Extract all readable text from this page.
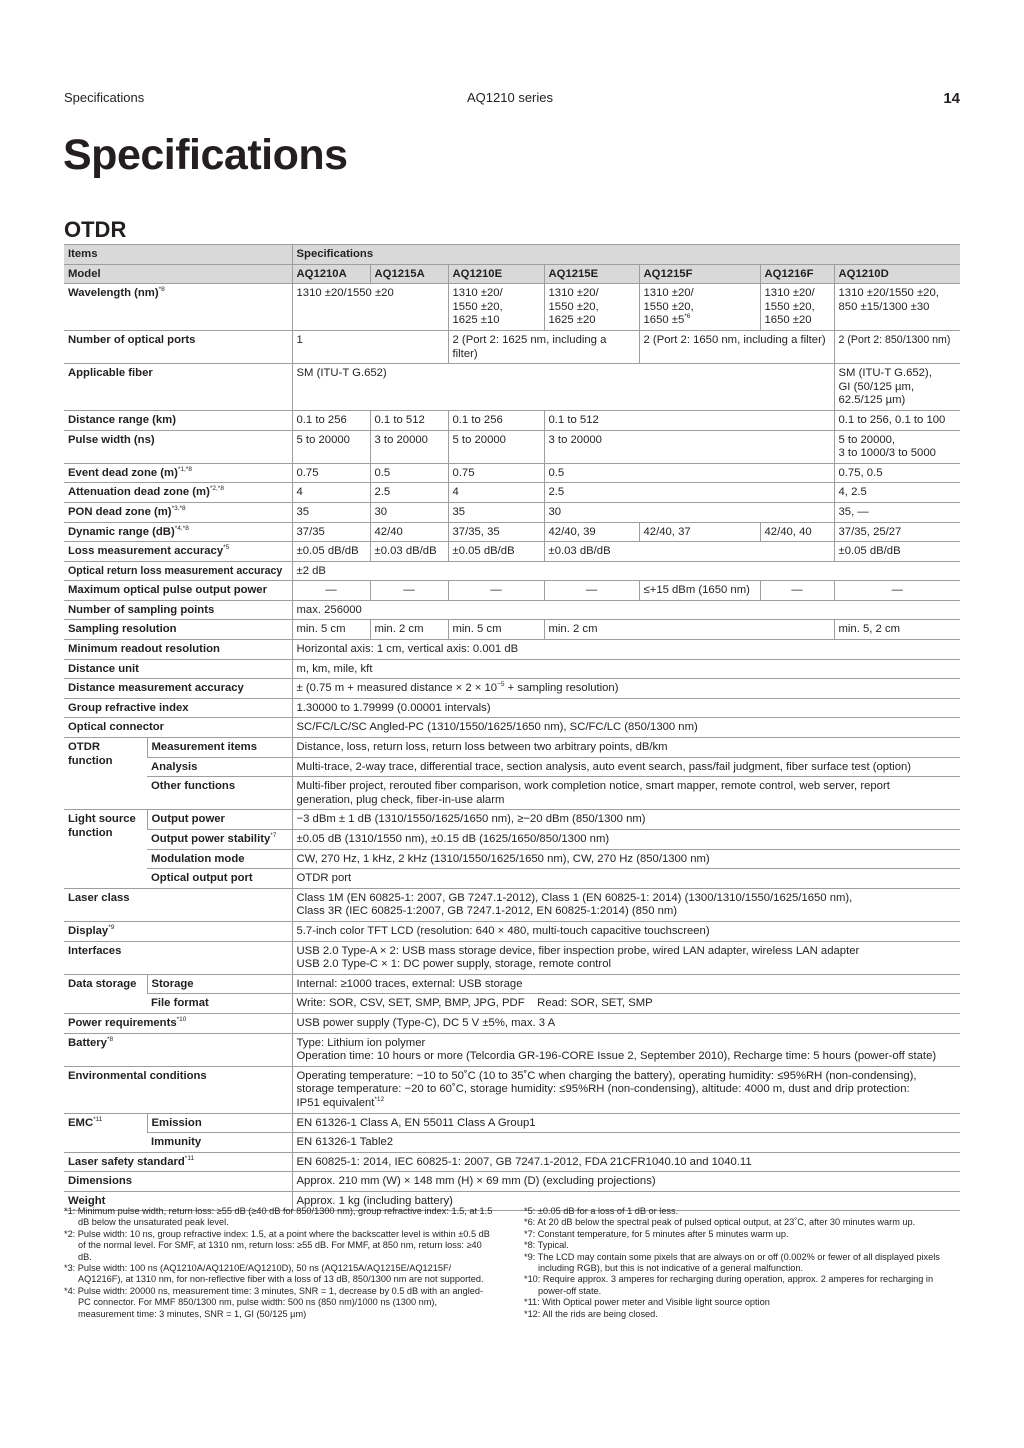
Specifications	AQ1210 series	14
Specifications
OTDR
Items		Specifications						
Model		AQ1210A	AQ1215A	AQ1210E	AQ1215E	AQ1215F	AQ1216F	AQ1210D
Wavelength (nm)$^{*8}$		1310 ±20/1550 ±20		1310 ±20/
1550 ±20,
1625 ±10	1310 ±20/
1550 ±20,
1625 ±20	1310 ±20/
1550 ±20,
$1650 \pm 5^{*6}$	1310 ±20/
1550 ±20,
1650 ±20	1310 ±20/1550 ±20,
850 ±15/1300 ±30
Number of optical ports		1		2 (Port 2: 1625 nm, including a filter)		2 (Port 2: 1650 nm, including a filter)		2 (Port 2: 850/1300 nm)
Applicable fiber		SM (ITU-T G.652)						SM (ITU-T G.652),
GI (50/125 µm,
62.5/125 µm)
Distance range (km)		0.1 to 256	0.1 to 512	0.1 to 256	0.1 to 512			0.1 to 256, 0.1 to 100
Pulse width (ns)		5 to 20000	3 to 20000	5 to 20000	3 to 20000			5 to 20000,
3 to 1000/3 to 5000
Event dead zone $(m)^{*1,*8}$		0.75	0.5	0.75	0.5			0.75, 0.5
Attenuation dead zone $(m)^{*2,*8}$		4	2.5	4	2.5			4, 2.5
PON dead zone $(m)^{*3,*8}$		35	30	35	30			35, —
Dynamic range (dB)$^{*4,*8}$		37/35	42/40	37/35, 35	42/40, 39	42/40, 37	42/40, 40	37/35, 25/27
Loss measurement accuracy$^{*5}$		±0.05 dB/dB	±0.03 dB/dB	±0.05 dB/dB	±0.03 dB/dB			±0.05 dB/dB
Optical return loss measurement accuracy		±2 dB						
Maximum optical pulse output power		—	—	—	—	≤+15 dBm (1650 nm)	—	—
Number of sampling points		max. 256000						
Sampling resolution		min. 5 cm	min. 2 cm	min. 5 cm	min. 2 cm			min. 5, 2 cm
Minimum readout resolution		Horizontal axis: 1 cm, vertical axis: 0.001 dB						
Distance unit		m, km, mile, kft						
Distance measurement accuracy		± (0.75 m + measured distance × $2 \times 10^{-5}$ + sampling resolution)						
Group refractive index		1.30000 to 1.79999 (0.00001 intervals)						
Optical connector		SC/FC/LC/SC Angled-PC (1310/1550/1625/1650 nm), SC/FC/LC (850/1300 nm)						
OTDR
function	Measurement items	Distance, loss, return loss, return loss between two arbitrary points, dB/km						
	Analysis	Multi-trace, 2-way trace, differential trace, section analysis, auto event search, pass/fail judgment, fiber surface test (option)						
	Other functions	Multi-fiber project, rerouted fiber comparison, work completion notice, smart mapper, remote control, web server, report
generation, plug check, fiber-in-use alarm						
Light source
function	Output power	−3 dBm ± 1 dB (1310/1550/1625/1650 nm), ≥−20 dBm (850/1300 nm)						
	Output power stability$^{*7}$	±0.05 dB (1310/1550 nm), ±0.15 dB (1625/1650/850/1300 nm)						
	Modulation mode	CW, 270 Hz, 1 kHz, 2 kHz (1310/1550/1625/1650 nm), CW, 270 Hz (850/1300 nm)						
	Optical output port	OTDR port						
Laser class		Class 1M (EN 60825-1: 2007, GB 7247.1-2012), Class 1 (EN 60825-1: 2014) (1300/1310/1550/1625/1650 nm),
Class 3R (IEC 60825-1:2007, GB 7247.1-2012, EN 60825-1:2014) (850 nm)						
Display$^{*9}$		5.7-inch color TFT LCD (resolution: 640 × 480, multi-touch capacitive touchscreen)						
Interfaces		USB 2.0 Type-A × 2: USB mass storage device, fiber inspection probe, wired LAN adapter, wireless LAN adapter
USB 2.0 Type-C × 1: DC power supply, storage, remote control						
Data storage	Storage	Internal: ≥1000 traces, external: USB storage						
	File format	Write: SOR, CSV, SET, SMP, BMP, JPG, PDF    Read: SOR, SET, SMP						
Power requirements$^{*10}$		USB power supply (Type-C), DC 5 V ±5%, max. 3 A						
Battery$^{*8}$		Type: Lithium ion polymer
Operation time: 10 hours or more (Telcordia GR-196-CORE Issue 2, September 2010), Recharge time: 5 hours (power-off state)						
Environmental conditions		Operating temperature: −10 to 50˚C (10 to 35˚C when charging the battery), operating humidity: ≤95%RH (non-condensing),
storage temperature: −20 to 60˚C, storage humidity: ≤95%RH (non-condensing), altitude: 4000 m, dust and drip protection:
IP51 equivalent$^{*12}$
EMC$^{*11}$	Emission	EN 61326-1 Class A, EN 55011 Class A Group1						
	Immunity	EN 61326-1 Table2						
Laser safety standard$^{*11}$		EN 60825-1: 2014, IEC 60825-1: 2007, GB 7247.1-2012, FDA 21CFR1040.10 and 1040.11						
Dimensions		Approx. 210 mm (W) × 148 mm (H) × 69 mm (D) (excluding projections)						
Weight		Approx. 1 kg (including battery)						
*1: Minimum pulse width, return loss: ≥55 dB (≥40 dB for 850/1300 nm), group refractive index: 1.5, at 1.5 dB below the unsaturated peak level.
*2: Pulse width: 10 ns, group refractive index: 1.5, at a point where the backscatter level is within ±0.5 dB of the normal level. For SMF, at 1310 nm, return loss: ≥55 dB. For MMF, at 850 nm, return loss: ≥40 dB.
*3: Pulse width: 100 ns (AQ1210A/AQ1210E/AQ1210D), 50 ns (AQ1215A/AQ1215E/AQ1215F/ AQ1216F), at 1310 nm, for non-reflective fiber with a loss of 13 dB, 850/1300 nm are not supported.
*4: Pulse width: 20000 ns, measurement time: 3 minutes, SNR = 1, decrease by 0.5 dB with an angled-PC connector. For MMF 850/1300 nm, pulse width: 500 ns (850 nm)/1000 ns (1300 nm), measurement time: 3 minutes, SNR = 1, GI (50/125 µm)
*5: ±0.05 dB for a loss of 1 dB or less.
*6: At 20 dB below the spectral peak of pulsed optical output, at 23˚C, after 30 minutes warm up.
*7: Constant temperature, for 5 minutes after 5 minutes warm up.
*8: Typical.
*9: The LCD may contain some pixels that are always on or off (0.002% or fewer of all displayed pixels including RGB), but this is not indicative of a general malfunction.
*10: Require approx. 3 amperes for recharging during operation, approx. 2 amperes for recharging in power-off state.
*11: With Optical power meter and Visible light source option
*12: All the rids are being closed.
